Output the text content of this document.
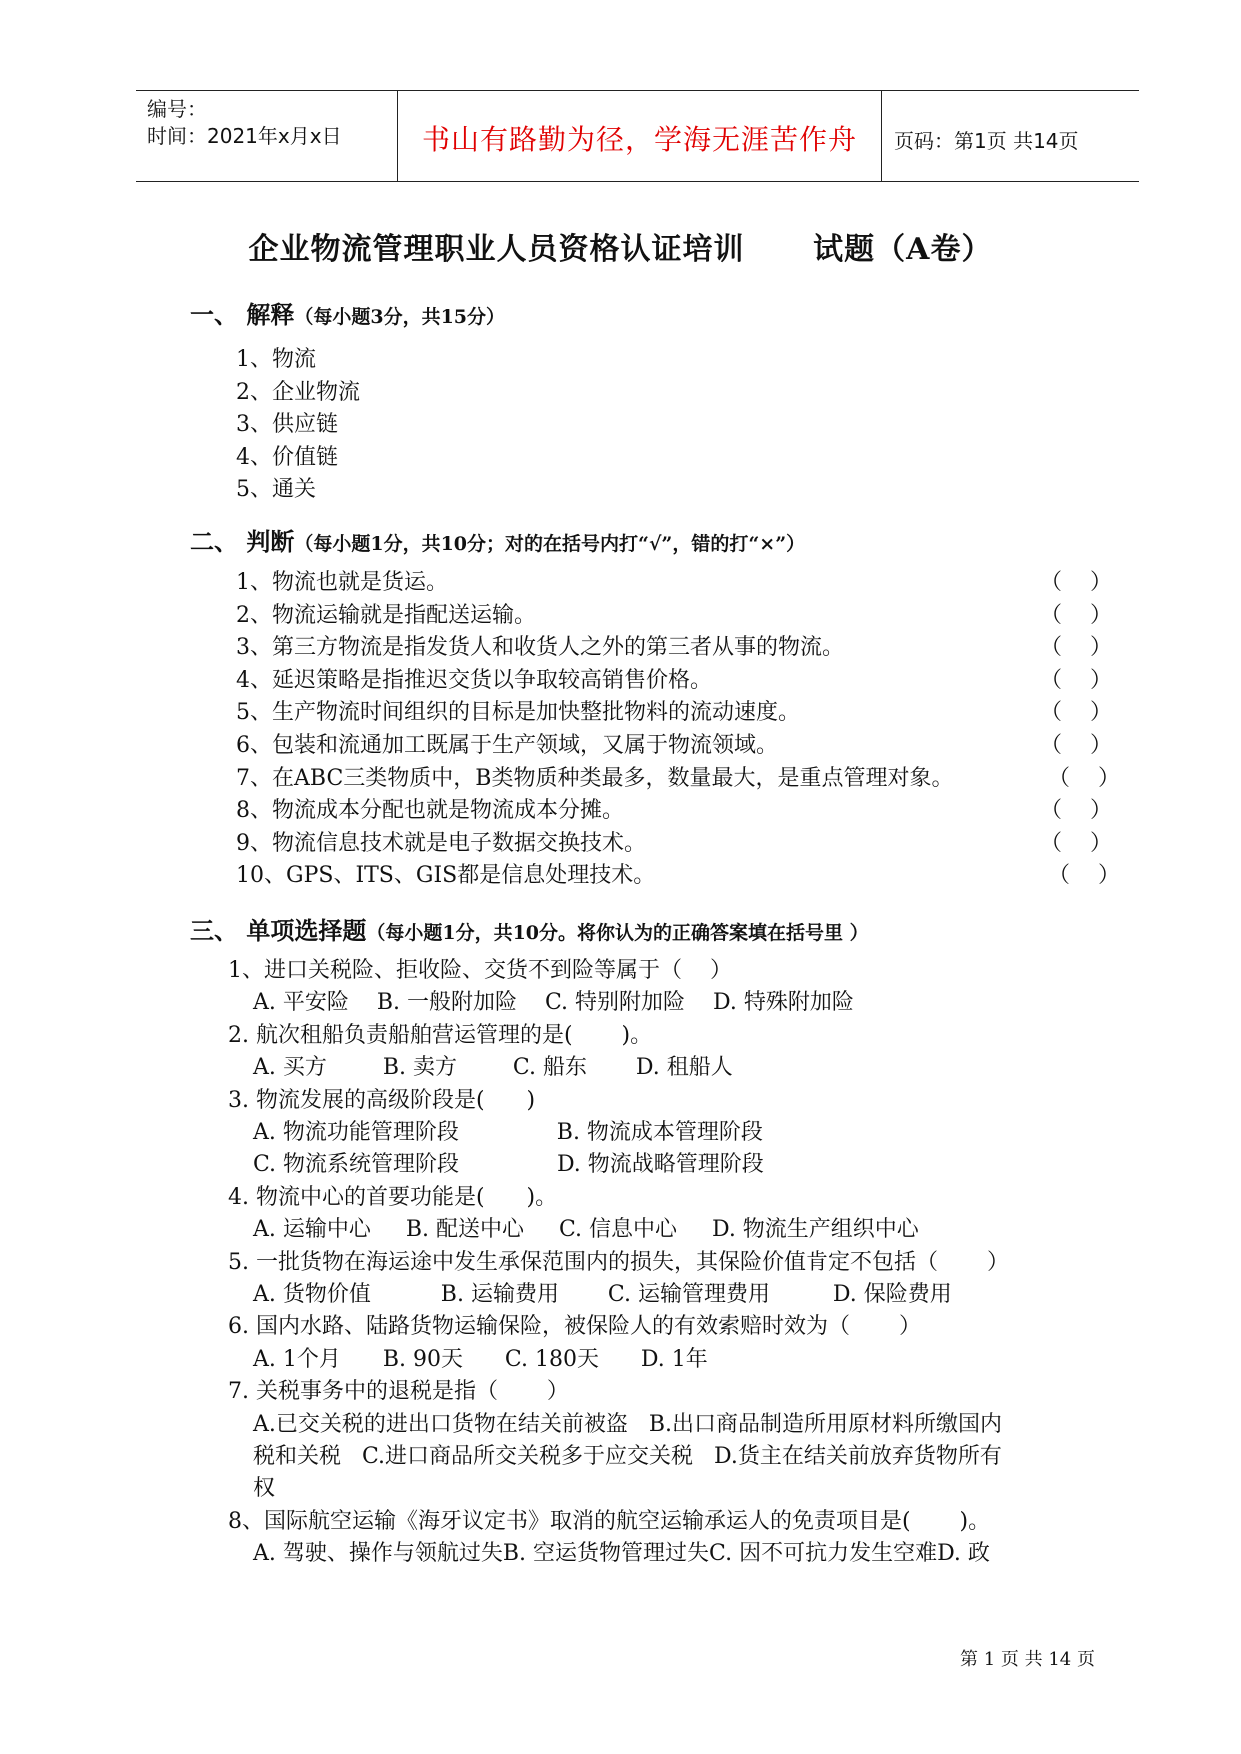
编号：
时间：2021年x月x日	书山有路勤为径，学海无涯苦作舟 页码：第1页 共14页
企业物流管理职业人员资格认证培训      试题（A卷）
一、 解释（每小题3分，共15分）
1、物流
2、企业物流
3、供应链
4、价值链
5、通关
二、 判断（每小题1分，共10分；对的在括号内打“√”，错的打“×”）
1、物流也就是货运。	（    ）
2、物流运输就是指配送运输。	（    ）
3、第三方物流是指发货人和收货人之外的第三者从事的物流。	（    ）
4、延迟策略是指推迟交货以争取较高销售价格。	（    ）
5、生产物流时间组织的目标是加快整批物料的流动速度。	（    ）
6、包装和流通加工既属于生产领域，又属于物流领域。	（    ）
7、在ABC三类物质中，B类物质种类最多，数量最大，是重点管理对象。	（    ）
8、物流成本分配也就是物流成本分摊。	（    ）
9、物流信息技术就是电子数据交换技术。	（    ）
10、GPS、ITS、GIS都是信息处理技术。	（    ）
三、 单项选择题（每小题1分，共10分。将你认为的正确答案填在括号里 ）
1、进口关税险、拒收险、交货不到险等属于（    ）
A. 平安险    B. 一般附加险    C. 特别附加险    D. 特殊附加险
2. 航次租船负责船舶营运管理的是(       )。
A. 买方        B. 卖方        C. 船东       D. 租船人
3. 物流发展的高级阶段是(      )
A. 物流功能管理阶段              B. 物流成本管理阶段
C. 物流系统管理阶段              D. 物流战略管理阶段
4. 物流中心的首要功能是(      )。
A. 运输中心     B. 配送中心     C. 信息中心     D. 物流生产组织中心
5. 一批货物在海运途中发生承保范围内的损失，其保险价值肯定不包括（       ）
A. 货物价值          B. 运输费用       C. 运输管理费用         D. 保险费用
6. 国内水路、陆路货物运输保险，被保险人的有效索赔时效为（       ）
A. 1个月      B. 90天      C. 180天      D. 1年
7. 关税事务中的退税是指（       ）
A.已交关税的进出口货物在结关前被盗   B.出口商品制造所用原材料所缴国内
税和关税   C.进口商品所交关税多于应交关税   D.货主在结关前放弃货物所有
权
8、国际航空运输《海牙议定书》取消的航空运输承运人的免责项目是(       )。
A. 驾驶、操作与领航过失B. 空运货物管理过失C. 因不可抗力发生空难D. 政
第 1 页 共 14 页
